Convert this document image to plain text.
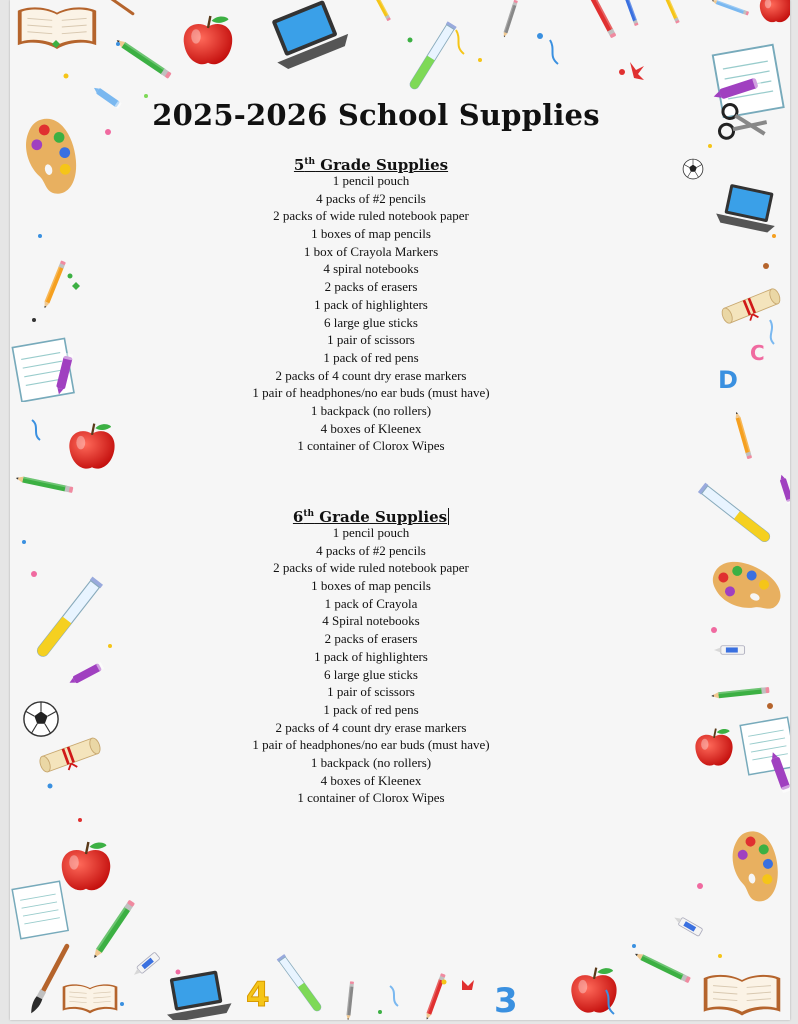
D
C
4	3
2025-2026 School Supplies
5th Grade Supplies
1 pencil pouch
4 packs of #2 pencils
2 packs of wide ruled notebook paper
1 boxes of map pencils
1 box of Crayola Markers
4 spiral notebooks
2 packs of erasers
1 pack of highlighters
6 large glue sticks
1 pair of scissors
1 pack of red pens
2 packs of 4 count dry erase markers
1 pair of headphones/no ear buds (must have)
1 backpack (no rollers)
4 boxes of Kleenex
1 container of Clorox Wipes
6th Grade Supplies
1 pencil pouch
4 packs of #2 pencils
2 packs of wide ruled notebook paper
1 boxes of map pencils
1 pack of Crayola
4 Spiral notebooks
2 packs of erasers
1 pack of highlighters
6 large glue sticks
1 pair of scissors
1 pack of red pens
2 packs of 4 count dry erase markers
1 pair of headphones/no ear buds (must have)
1 backpack (no rollers)
4 boxes of Kleenex
1 container of Clorox Wipes
